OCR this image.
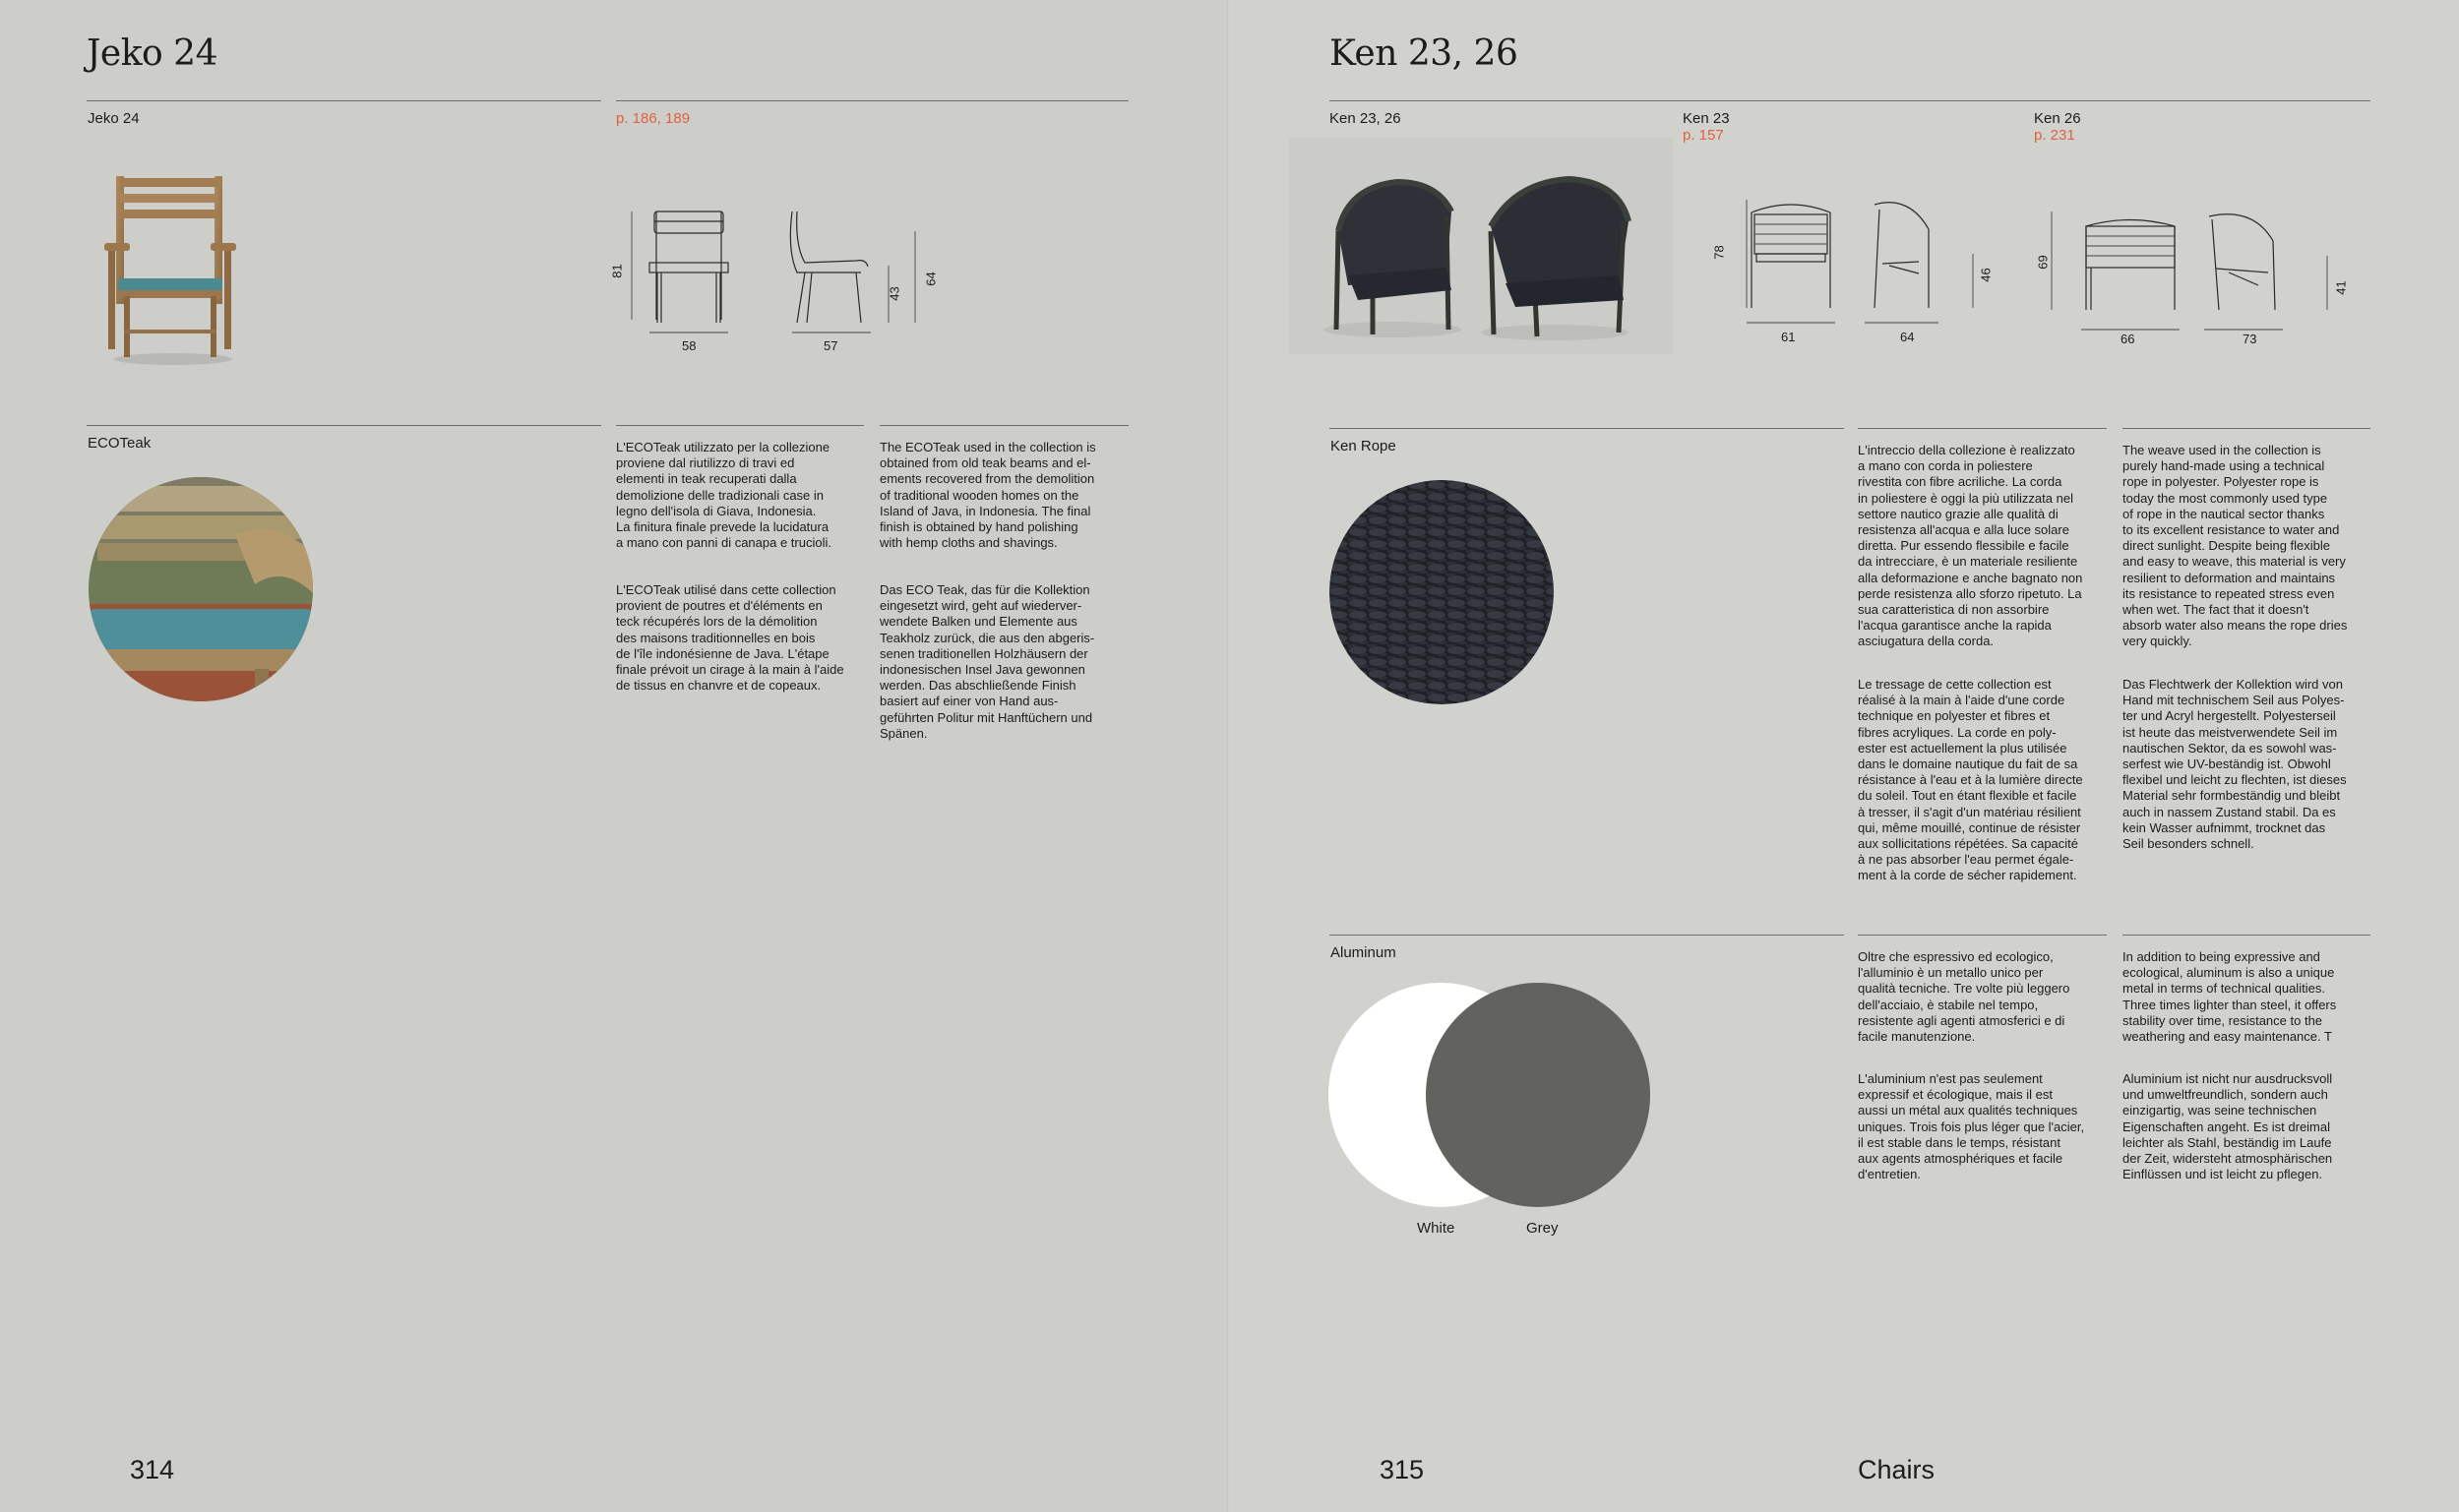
Jeko 24
Jeko 24	p. 186, 189
81
58	57
43
64
ECOTeak	L'ECOTeak utilizzato per la collezione
proviene dal riutilizzo di travi ed
elementi in teak recuperati dalla
demolizione delle tradizionali case in
legno dell'isola di Giava, Indonesia.
La finitura finale prevede la lucidatura
a mano con panni di canapa e trucioli.
The ECOTeak used in the collection is
obtained from old teak beams and el-
ements recovered from the demolition
of traditional wooden homes on the
Island of Java, in Indonesia. The final
finish is obtained by hand polishing
with hemp cloths and shavings.
L'ECOTeak utilisé dans cette collection
provient de poutres et d'éléments en
teck récupérés lors de la démolition
des maisons traditionnelles en bois
de l'île indonésienne de Java. L'étape
finale prévoit un cirage à la main à l'aide
de tissus en chanvre et de copeaux.
Das ECO Teak, das für die Kollektion
eingesetzt wird, geht auf wiederver-
wendete Balken und Elemente aus
Teakholz zurück, die aus den abgeris-
senen traditionellen Holzhäusern der
indonesischen Insel Java gewonnen
werden. Das abschließende Finish
basiert auf einer von Hand aus-
geführten Politur mit Hanftüchern und
Spänen.
314
Ken 23, 26
Ken 23, 26	Ken 23
p. 157
Ken 26
p. 231
78
61	64
46
69
66	73
41
Ken Rope	L'intreccio della collezione è realizzato
a mano con corda in poliestere
rivestita con fibre acriliche. La corda
in poliestere è oggi la più utilizzata nel
settore nautico grazie alle qualità di
resistenza all'acqua e alla luce solare
diretta. Pur essendo flessibile e facile
da intrecciare, è un materiale resiliente
alla deformazione e anche bagnato non
perde resistenza allo sforzo ripetuto. La
sua caratteristica di non assorbire
l'acqua garantisce anche la rapida
asciugatura della corda.
The weave used in the collection is
purely hand-made using a technical
rope in polyester. Polyester rope is
today the most commonly used type
of rope in the nautical sector thanks
to its excellent resistance to water and
direct sunlight. Despite being flexible
and easy to weave, this material is very
resilient to deformation and maintains
its resistance to repeated stress even
when wet. The fact that it doesn't
absorb water also means the rope dries
very quickly.
Le tressage de cette collection est
réalisé à la main à l'aide d'une corde
technique en polyester et fibres et
fibres acryliques. La corde en poly-
ester est actuellement la plus utilisée
dans le domaine nautique du fait de sa
résistance à l'eau et à la lumière directe
du soleil. Tout en étant flexible et facile
à tresser, il s'agit d'un matériau résilient
qui, même mouillé, continue de résister
aux sollicitations répétées. Sa capacité
à ne pas absorber l'eau permet égale-
ment à la corde de sécher rapidement.
Das Flechtwerk der Kollektion wird von
Hand mit technischem Seil aus Polyes-
ter und Acryl hergestellt. Polyesterseil
ist heute das meistverwendete Seil im
nautischen Sektor, da es sowohl was-
serfest wie UV-beständig ist. Obwohl
flexibel und leicht zu flechten, ist dieses
Material sehr formbeständig und bleibt
auch in nassem Zustand stabil. Da es
kein Wasser aufnimmt, trocknet das
Seil besonders schnell.
Aluminum
White	Grey
Oltre che espressivo ed ecologico,
l'alluminio è un metallo unico per
qualità tecniche. Tre volte più leggero
dell'acciaio, è stabile nel tempo,
resistente agli agenti atmosferici e di
facile manutenzione.
In addition to being expressive and
ecological, aluminum is also a unique
metal in terms of technical qualities.
Three times lighter than steel, it offers
stability over time, resistance to the
weathering and easy maintenance. T
L'aluminium n'est pas seulement
expressif et écologique, mais il est
aussi un métal aux qualités techniques
uniques. Trois fois plus léger que l'acier,
il est stable dans le temps, résistant
aux agents atmosphériques et facile
d'entretien.
Aluminium ist nicht nur ausdrucksvoll
und umweltfreundlich, sondern auch
einzigartig, was seine technischen
Eigenschaften angeht. Es ist dreimal
leichter als Stahl, beständig im Laufe
der Zeit, widersteht atmosphärischen
Einflüssen und ist leicht zu pflegen.
315	Chairs
